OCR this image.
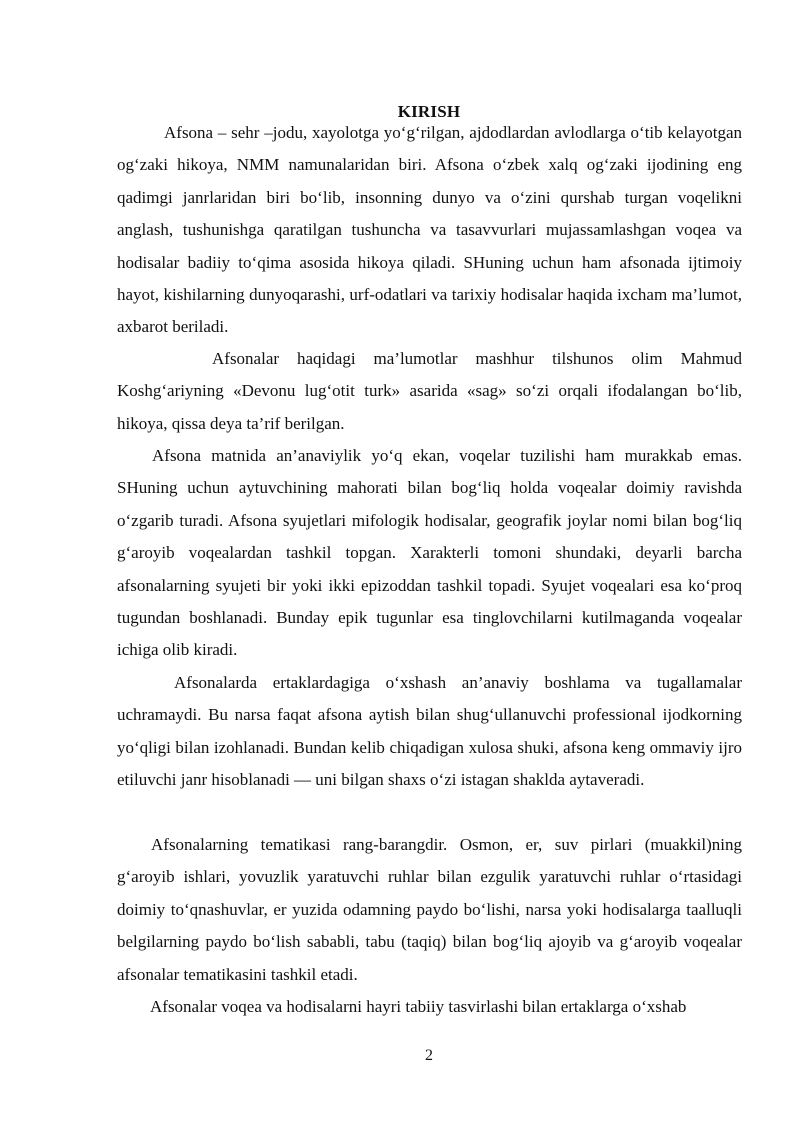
KIRISH

Afsona – sehr –jodu, xayolotga yo‘g‘rilgan, ajdodlardan avlodlarga o‘tib kelayotgan og‘zaki hikoya, NMM namunalaridan biri. Afsona o‘zbek xalq og‘zaki ijodining eng qadimgi janrlaridan biri bo‘lib, insonning dunyo va o‘zini qurshab turgan voqelikni anglash, tushunishga qaratilgan tushuncha va tasavvurlari mujassamlashgan voqea va hodisalar badiiy to‘qima asosida hikoya qiladi. SHuning uchun ham afsonada ijtimoiy hayot, kishilarning dunyoqarashi, urf-odatlari va tarixiy hodisalar haqida ixcham ma’lumot, axbarot beriladi.

Afsonalar haqidagi ma’lumotlar mashhur tilshunos olim Mahmud Koshg‘ariyning «Devonu lug‘otit turk» asarida «sag» so‘zi orqali ifodalangan bo‘lib, hikoya, qissa deya ta’rif berilgan.

Afsona matnida an’anaviylik yo‘q ekan, voqelar tuzilishi ham murakkab emas. SHuning uchun aytuvchining mahorati bilan bog‘liq holda voqealar doimiy ravishda o‘zgarib turadi. Afsona syujetlari mifologik hodisalar, geografik joylar nomi bilan bog‘liq g‘aroyib voqealardan tashkil topgan. Xarakterli tomoni shundaki, deyarli barcha afsonalarning syujeti bir yoki ikki epizoddan tashkil topadi. Syujet voqealari esa ko‘proq tugundan boshlanadi. Bunday epik tugunlar esa tinglovchilarni kutilmaganda voqealar ichiga olib kiradi.

Afsonalarda ertaklardagiga o‘xshash an’anaviy boshlama va tugallamalar uchramaydi. Bu narsa faqat afsona aytish bilan shug‘ullanuvchi professional ijodkorning yo‘qligi bilan izohlanadi. Bundan kelib chiqadigan xulosa shuki, afsona keng ommaviy ijro etiluvchi janr hisoblanadi — uni bilgan shaxs o‘zi istagan shaklda aytaveradi.

Afsonalarning tematikasi rang-barangdir. Osmon, er, suv pirlari (muakkil)ning g‘aroyib ishlari, yovuzlik yaratuvchi ruhlar bilan ezgulik yaratuvchi ruhlar o‘rtasidagi doimiy to‘qnashuvlar, er yuzida odamning paydo bo‘lishi, narsa yoki hodisalarga taalluqli belgilarning paydo bo‘lish sababli, tabu (taqiq) bilan bog‘liq ajoyib va g‘aroyib voqealar afsonalar tematikasini tashkil etadi.

Afsonalar voqea va hodisalarni hayri tabiiy tasvirlashi bilan ertaklarga o‘xshab

2
